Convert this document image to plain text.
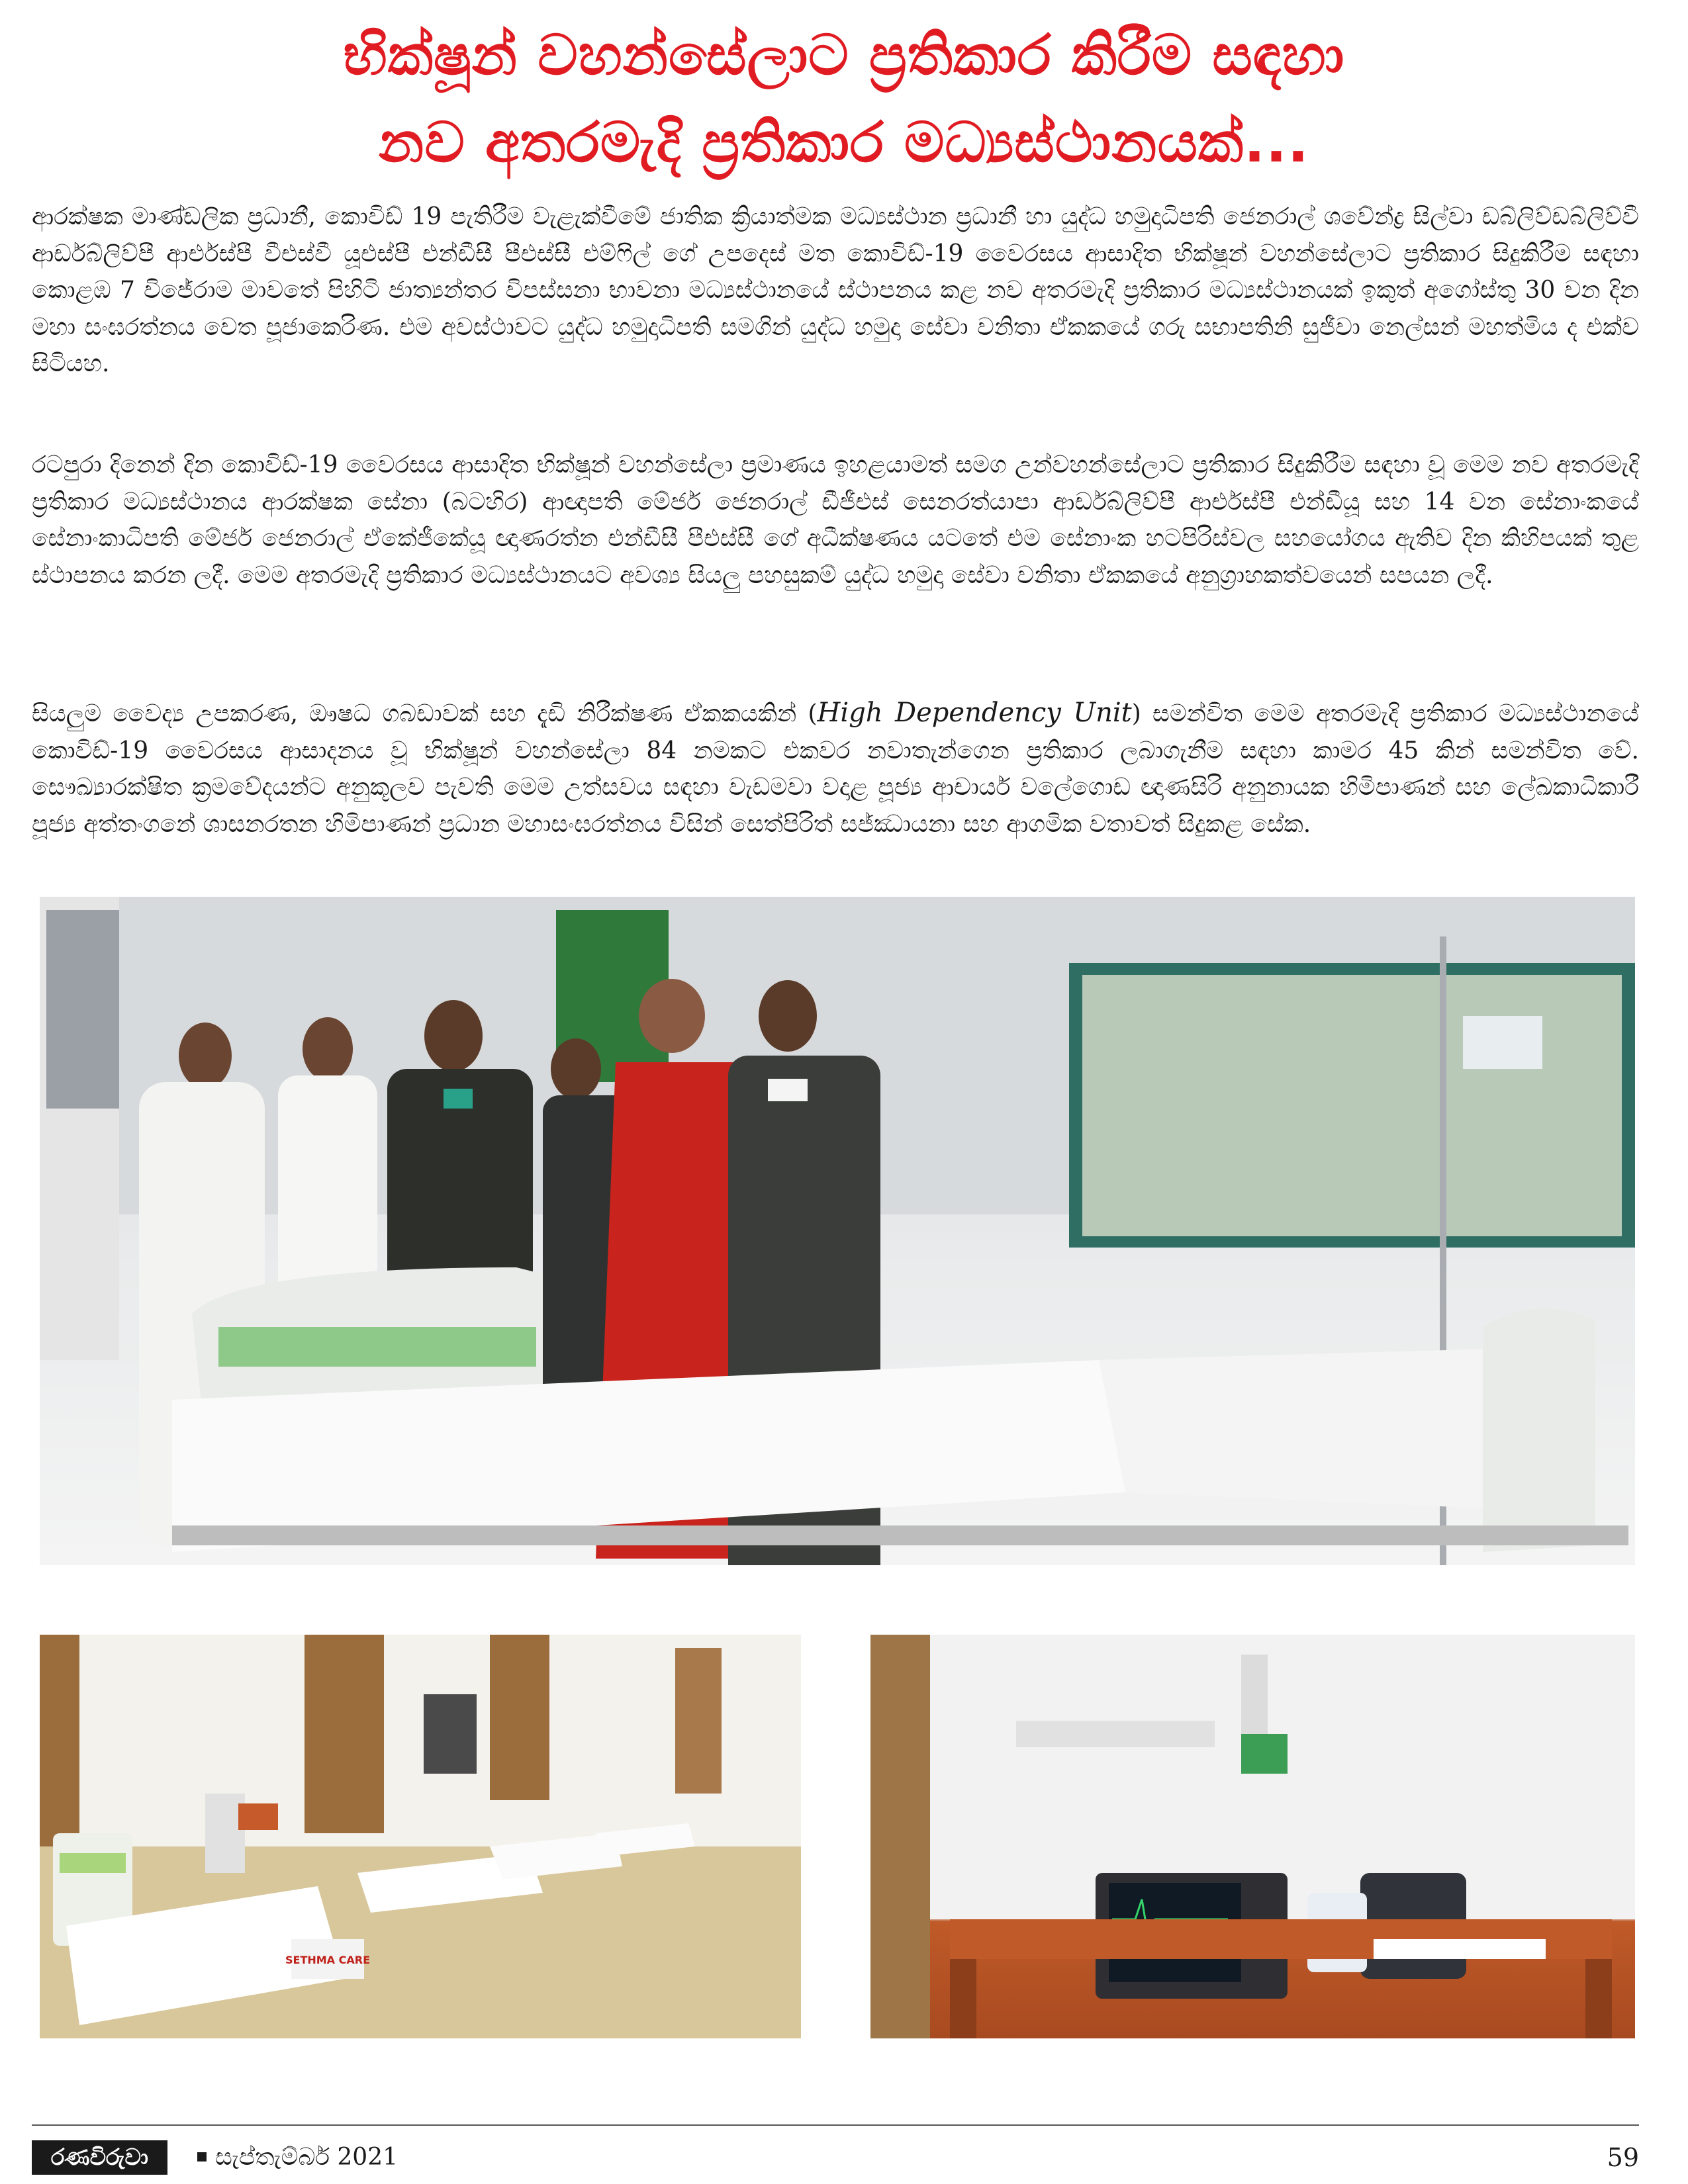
භික්ෂූන් වහන්සේලාට ප්‍රතිකාර කිරීම සඳහා
නව අතරමැදි ප්‍රතිකාර මධ්‍යස්ථානයක්...

ආරක්ෂක මාණ්ඩලික ප්‍රධානී, කොවිඩ් 19 පැතිරීම වැළැක්වීමේ ජාතික ක්‍රියාත්මක මධ්‍යස්ථාන ප්‍රධානී හා යුද්ධ හමුදාධිපති ජෙනරාල් ශවේන්ද්‍ර සිල්වා ඩබ්ලිව්ඩබ්ලිව්වී ආර්ඩබ්ලිව්පී ආර්එස්පී වීඑස්වී යූඑස්පී එන්ඩීසී පීඑස්සී එම්ෆිල් ගේ උපදෙස් මත කොවිඩ්-19 වෛරසය ආසාදිත භික්ෂූන් වහන්සේලාට ප්‍රතිකාර සිදුකිරීම සඳහා කොළඹ 7 විජේරාම මාවතේ පිහිටි ජාත්‍යන්තර විපස්සනා භාවනා මධ්‍යස්ථානයේ ස්ථාපනය කළ නව අතරමැදි ප්‍රතිකාර මධ්‍යස්ථානයක් ඉකුත් අගෝස්තු 30 වන දින මහා සංඝරත්නය වෙත පූජාකෙරිණ. එම අවස්ථාවට යුද්ධ හමුදාධිපති සමගින් යුද්ධ හමුදා සේවා වනිතා ඒකකයේ ගරු සභාපතිනි සුජීවා නෙල්සන් මහත්මිය ද එක්ව සිටියහ.

රටපුරා දිනෙන් දින කොවිඩ්-19 වෛරසය ආසාදිත භික්ෂූන් වහන්සේලා ප්‍රමාණය ඉහළයාමත් සමග උන්වහන්සේලාට ප්‍රතිකාර සිදුකිරීම සඳහා වූ මෙම නව අතරමැදි ප්‍රතිකාර මධ්‍යස්ථානය ආරක්ෂක සේනා (බටහිර) ආඥාපති මේජර් ජෙනරාල් ඩීජීඑස් සෙනරත්යාපා ආර්ඩබ්ලිව්පී ආර්එස්පී එන්ඩීයූ සහ 14 වන සේනාංකයේ සේනාංකාධිපති මේජර් ජෙනරාල් ඒකේජීකේයූ ඥාණරත්න එන්ඩීසී පීඑස්සී ගේ අධීක්ෂණය යටතේ එම සේනාංක හටපිරිස්වල සහයෝගය ඇතිව දින කිහිපයක් තුළ ස්ථාපනය කරන ලදී. මෙම අතරමැදි ප්‍රතිකාර මධ්‍යස්ථානයට අවශ්‍ය සියලු පහසුකම් යුද්ධ හමුදා සේවා වනිතා ඒකකයේ අනුග්‍රාහකත්වයෙන් සපයන ලදී.

සියලුම වෛද්‍ය උපකරණ, ඖෂධ ගබඩාවක් සහ දැඩි නිරීක්ෂණ ඒකකයකින් (High Dependency Unit) සමන්විත මෙම අතරමැදි ප්‍රතිකාර මධ්‍යස්ථානයේ කොවිඩ්-19 වෛරසය ආසාදනය වූ භික්ෂූන් වහන්සේලා 84 නමකට එකවර නවාතැන්ගෙන ප්‍රතිකාර ලබාගැනීම සඳහා කාමර 45 කින් සමන්විත වේ. සෞඛ්‍යාරක්ෂිත ක්‍රමවේදයන්ට අනුකූලව පැවති මෙම උත්සවය සඳහා වැඩමවා වදාළ පූජ්‍ය ආචාර්ය වලේගොඩ ඥාණසිරි අනුනායක හිමිපාණන් සහ ලේඛකාධිකාරී පූජ්‍ය අත්තංගනේ ශාසනරතන හිමිපාණන් ප්‍රධාන මහාසංඝරත්නය විසින් සෙත්පිරිත් සජ්ඣායනා සහ ආගමික වතාවත් සිදුකළ සේක.

SETHMA CARE
රණවිරුවා	සැප්තැම්බර් 2021	59
